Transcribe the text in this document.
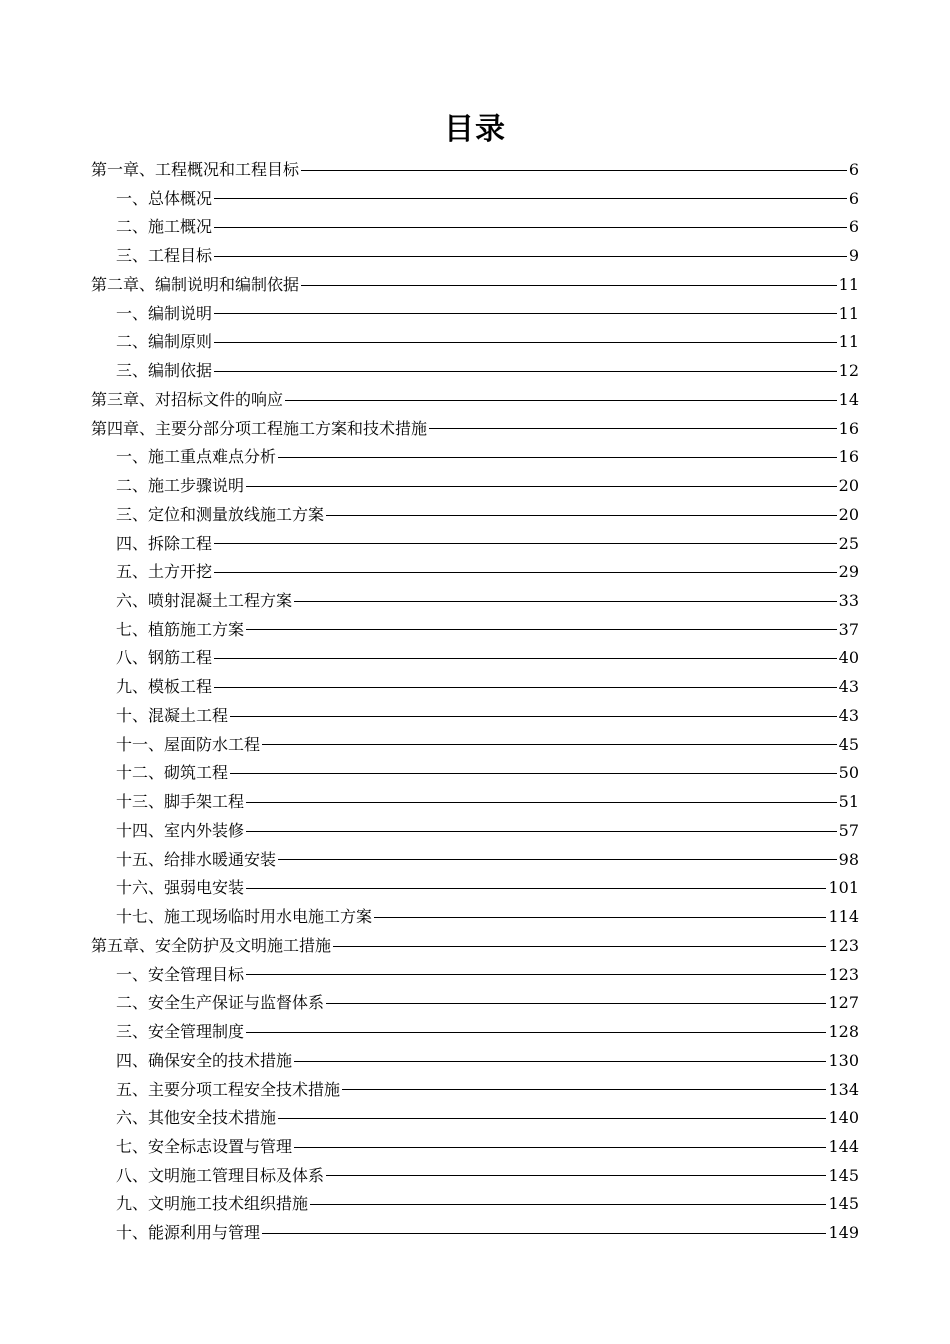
目录
第一章、工程概况和工程目标	6
一、总体概况	6
二、施工概况	6
三、工程目标	9
第二章、编制说明和编制依据	11
一、编制说明	11
二、编制原则	11
三、编制依据	12
第三章、对招标文件的响应	14
第四章、主要分部分项工程施工方案和技术措施	16
一、施工重点难点分析	16
二、施工步骤说明	20
三、定位和测量放线施工方案	20
四、拆除工程	25
五、土方开挖	29
六、喷射混凝土工程方案	33
七、植筋施工方案	37
八、钢筋工程	40
九、模板工程	43
十、混凝土工程	43
十一、屋面防水工程	45
十二、砌筑工程	50
十三、脚手架工程	51
十四、室内外装修	57
十五、给排水暖通安装	98
十六、强弱电安装	101
十七、施工现场临时用水电施工方案	114
第五章、安全防护及文明施工措施	123
一、安全管理目标	123
二、安全生产保证与监督体系	127
三、安全管理制度	128
四、确保安全的技术措施	130
五、主要分项工程安全技术措施	134
六、其他安全技术措施	140
七、安全标志设置与管理	144
八、文明施工管理目标及体系	145
九、文明施工技术组织措施	145
十、能源利用与管理	149
